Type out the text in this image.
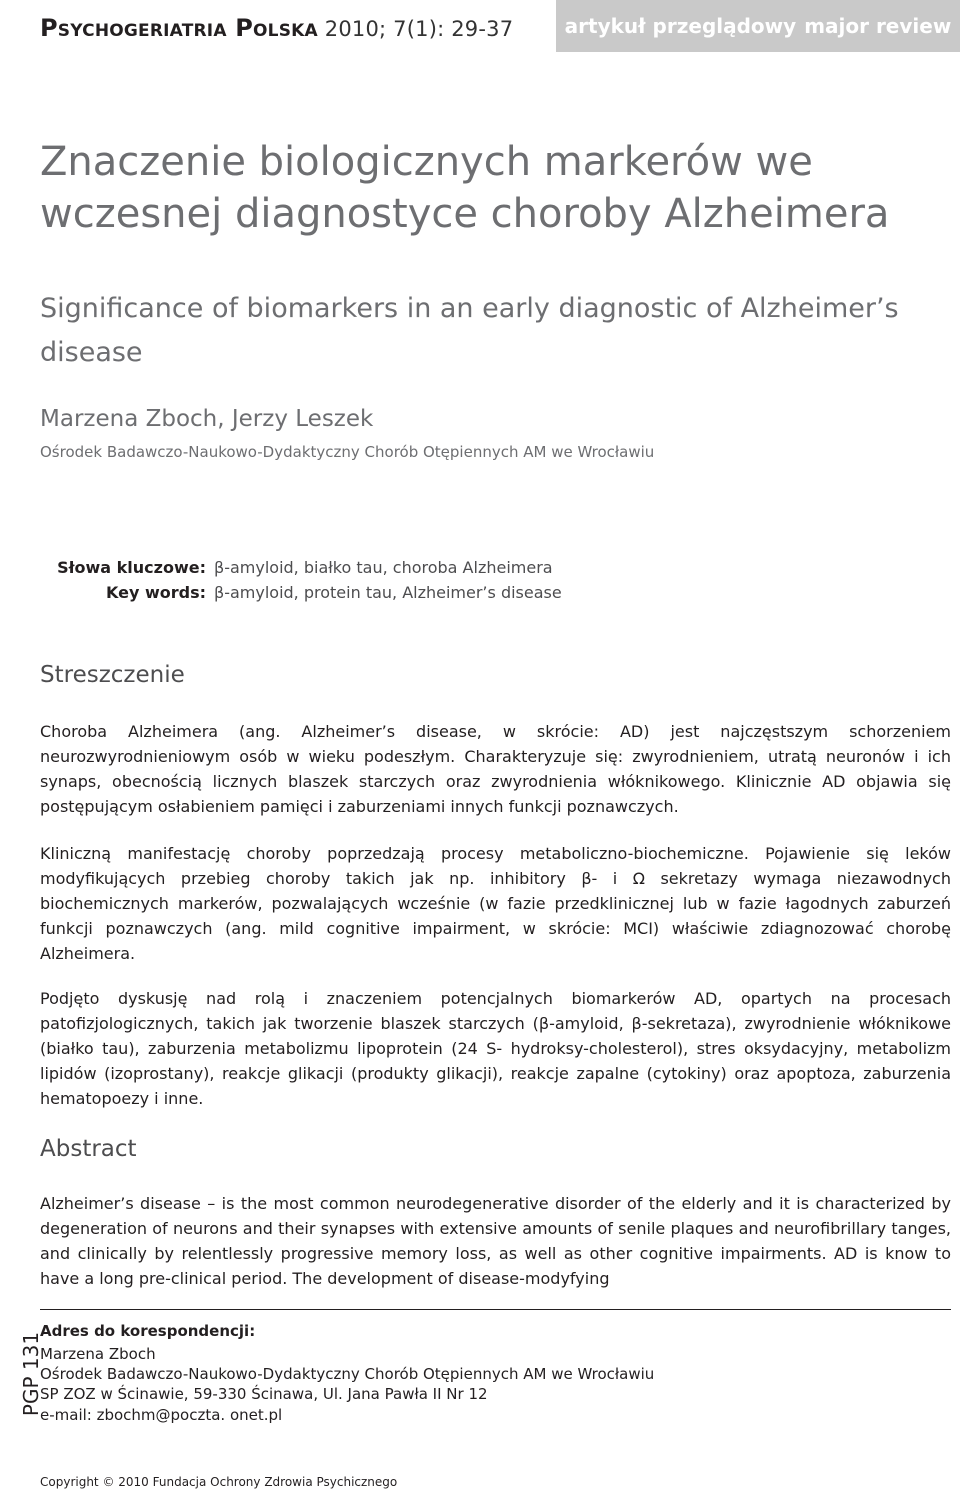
Psychogeriatria Polska 2010; 7(1): 29-37	artykuł przeglądowy major review
Znaczenie biologicznych markerów we wczesnej diagnostyce choroby Alzheimera
Significance of biomarkers in an early diagnostic of Alzheimer’s disease
Marzena Zboch, Jerzy Leszek
Ośrodek Badawczo-Naukowo-Dydaktyczny Chorób Otępiennych AM we Wrocławiu
Słowa kluczowe: β-amyloid, białko tau, choroba Alzheimera
Key words: β-amyloid, protein tau, Alzheimer’s disease
Streszczenie

Choroba Alzheimera (ang. Alzheimer’s disease, w skrócie: AD) jest najczęstszym schorzeniem neurozwyrodnieniowym osób w wieku podeszłym. Charakteryzuje się: zwyrodnieniem, utratą neuronów i ich synaps, obecnością licznych blaszek starczych oraz zwyrodnienia włóknikowego. Klinicznie AD objawia się postępującym osłabieniem pamięci i zaburzeniami innych funkcji poznawczych.

Kliniczną manifestację choroby poprzedzają procesy metaboliczno-biochemiczne. Pojawienie się leków modyfikujących przebieg choroby takich jak np. inhibitory β- i Ω sekretazy wymaga niezawodnych biochemicznych markerów, pozwalających wcześnie (w fazie przedklinicznej lub w fazie łagodnych zaburzeń funkcji poznawczych (ang. mild cognitive impairment, w skrócie: MCI) właściwie zdiagnozować chorobę Alzheimera.

Podjęto dyskusję nad rolą i znaczeniem potencjalnych biomarkerów AD, opartych na procesach patofizjologicznych, takich jak tworzenie blaszek starczych (β-amyloid, β-sekretaza), zwyrodnienie włóknikowe (białko tau), zaburzenia metabolizmu lipoprotein (24 S- hydroksy-cholesterol), stres oksydacyjny, metabolizm lipidów (izoprostany), reakcje glikacji (produkty glikacji), reakcje zapalne (cytokiny) oraz apoptoza, zaburzenia hematopoezy i inne.

Abstract

Alzheimer’s disease – is the most common neurodegenerative disorder of the elderly and it is characterized by degeneration of neurons and their synapses with extensive amounts of senile plaques and neurofibrillary tanges, and clinically by relentlessly progressive memory loss, as well as other cognitive impairments. AD is know to have a long pre-clinical period. The development of disease-modyfying

PGP 131
Adres do korespondencji:
Marzena Zboch
Ośrodek Badawczo-Naukowo-Dydaktyczny Chorób Otępiennych AM we Wrocławiu
SP ZOZ w Ścinawie, 59-330 Ścinawa, Ul. Jana Pawła II Nr 12
e-mail: zbochm@poczta. onet.pl
Copyright © 2010 Fundacja Ochrony Zdrowia Psychicznego
